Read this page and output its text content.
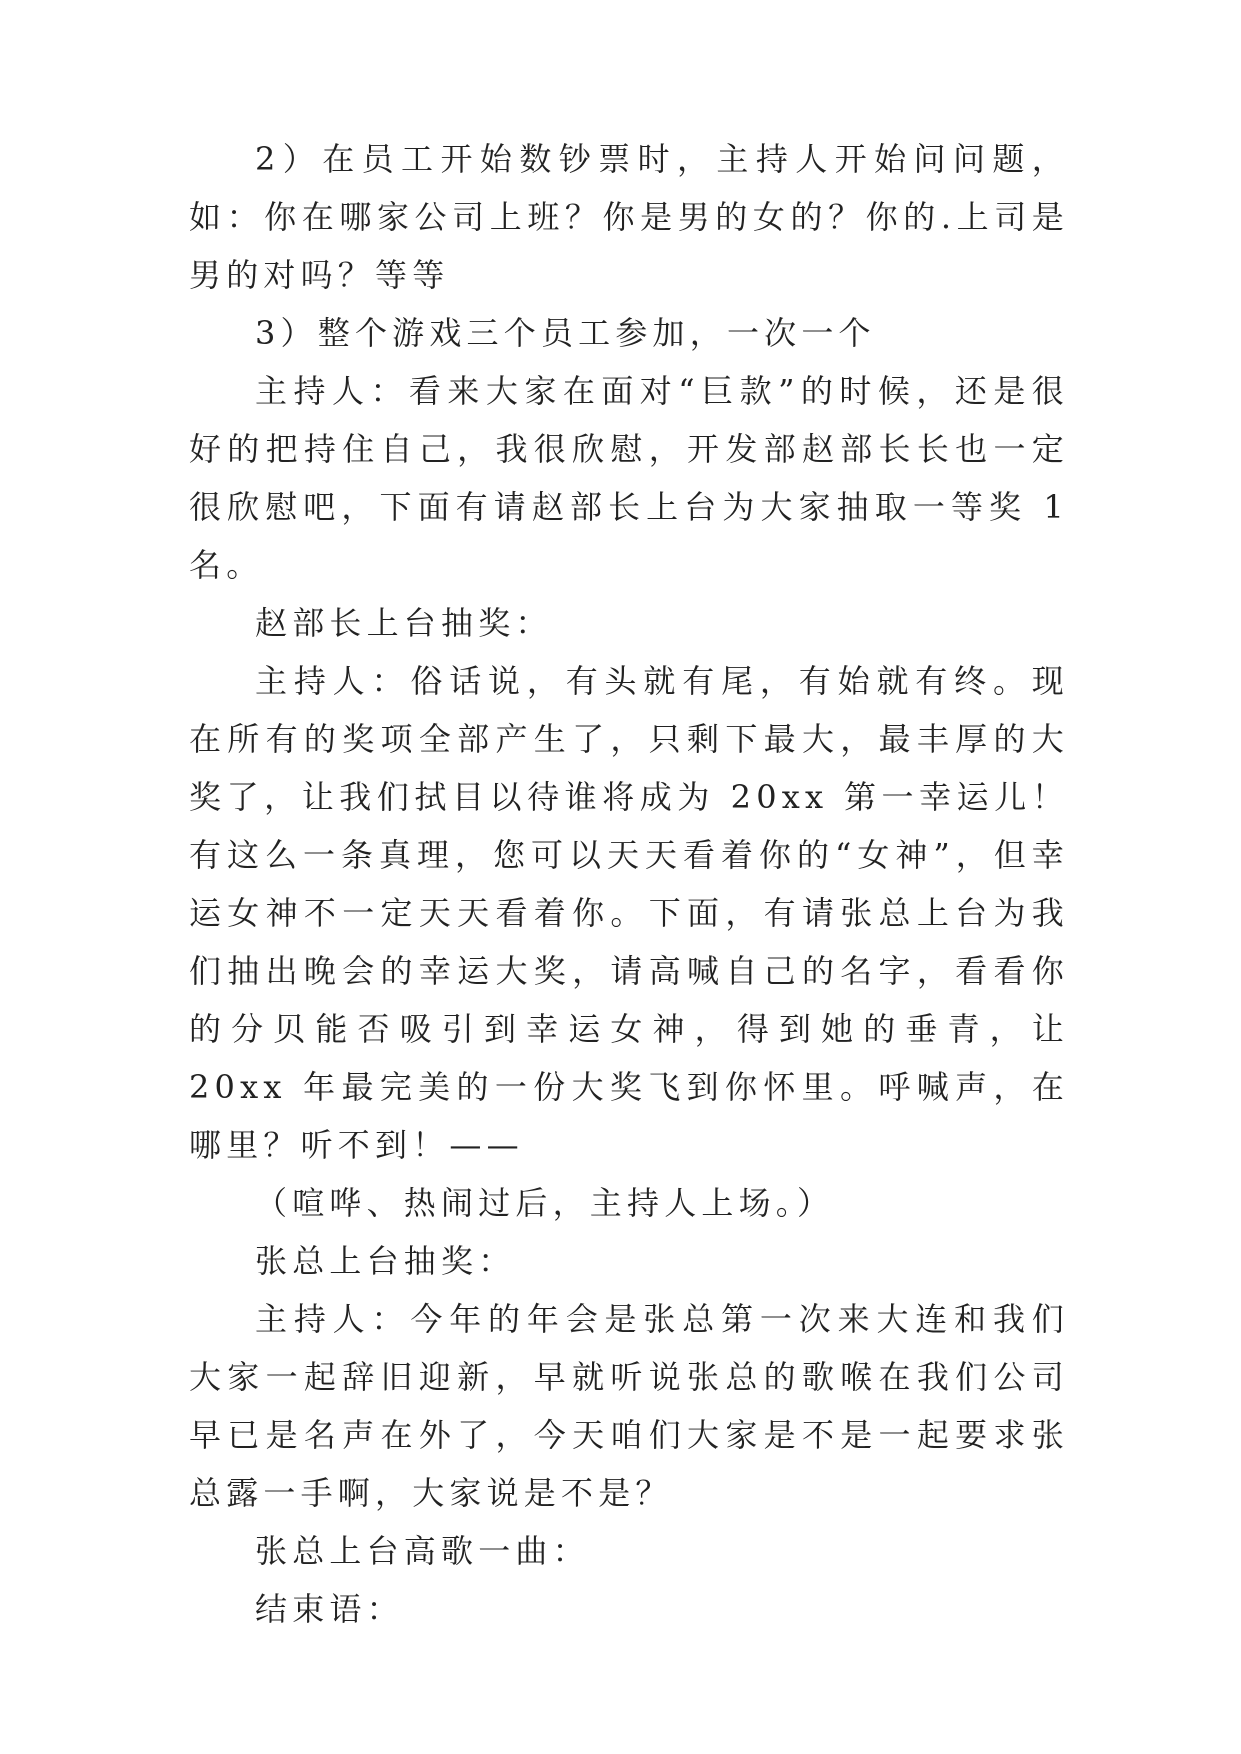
2）在员工开始数钞票时，主持人开始问问题，如：你在哪家公司上班？你是男的女的？你的.上司是男的对吗？等等

3）整个游戏三个员工参加，一次一个

主持人：看来大家在面对“巨款”的时候，还是很好的把持住自己，我很欣慰，开发部赵部长长也一定很欣慰吧，下面有请赵部长上台为大家抽取一等奖 1 名。

赵部长上台抽奖：

主持人：俗话说，有头就有尾，有始就有终。现在所有的奖项全部产生了，只剩下最大，最丰厚的大奖了，让我们拭目以待谁将成为 20xx 第一幸运儿！有这么一条真理，您可以天天看着你的“女神”，但幸运女神不一定天天看着你。下面，有请张总上台为我们抽出晚会的幸运大奖，请高喊自己的名字，看看你的分贝能否吸引到幸运女神，得到她的垂青，让 20xx 年最完美的一份大奖飞到你怀里。呼喊声，在哪里？听不到！——

（喧哗、热闹过后，主持人上场。）

张总上台抽奖：

主持人：今年的年会是张总第一次来大连和我们大家一起辞旧迎新，早就听说张总的歌喉在我们公司早已是名声在外了，今天咱们大家是不是一起要求张总露一手啊，大家说是不是？

张总上台高歌一曲：

结束语：
